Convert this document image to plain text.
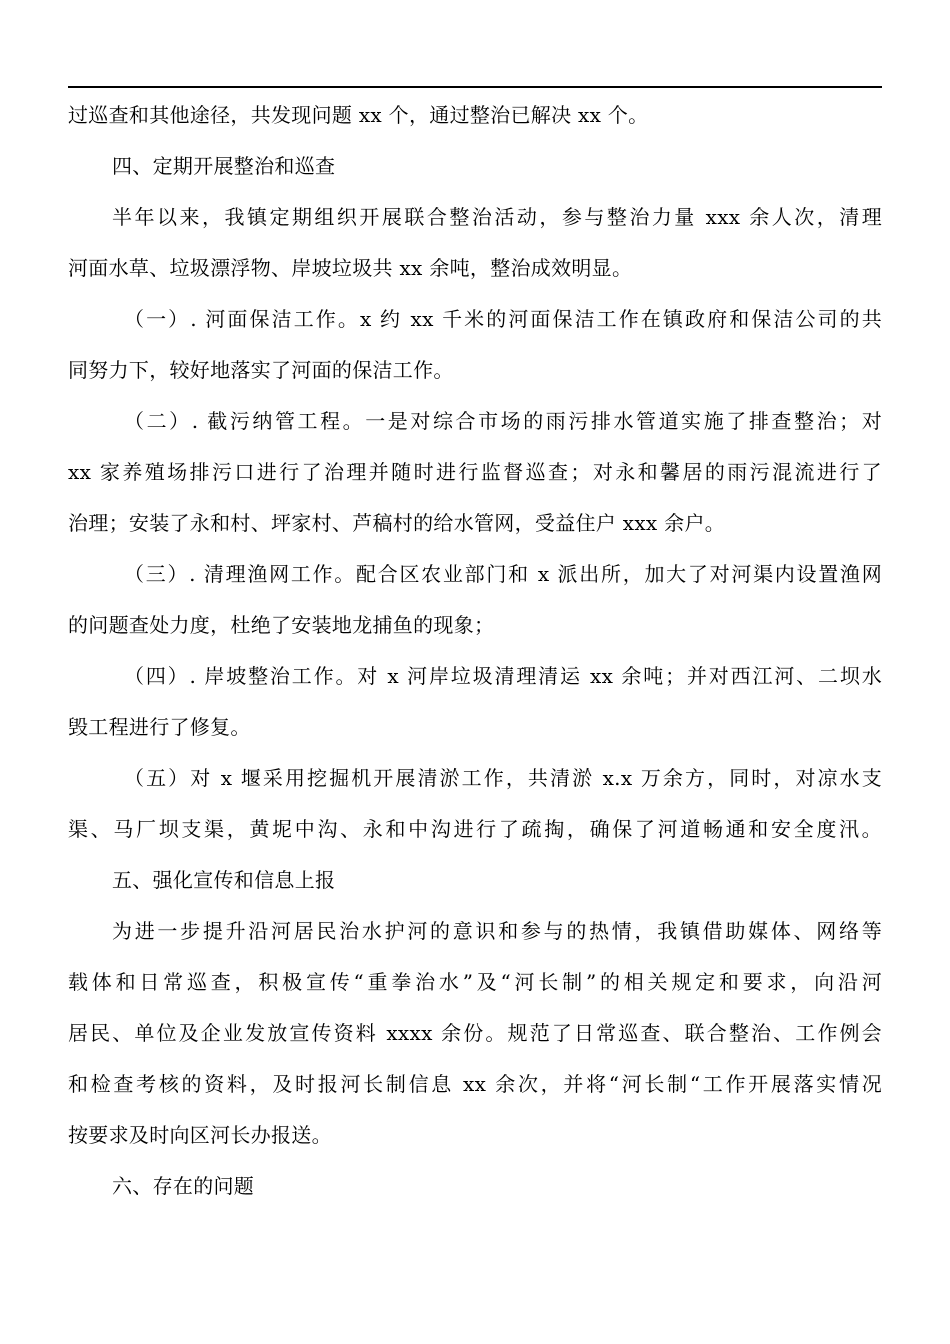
过巡查和其他途径，共发现问题 xx 个，通过整治已解决 xx 个。
四、定期开展整治和巡查
半年以来，我镇定期组织开展联合整治活动，参与整治力量 xxx 余人次，清理
河面水草、垃圾漂浮物、岸坡垃圾共 xx 余吨，整治成效明显。
（一）. 河面保洁工作。x 约 xx 千米的河面保洁工作在镇政府和保洁公司的共
同努力下，较好地落实了河面的保洁工作。
（二）. 截污纳管工程。一是对综合市场的雨污排水管道实施了排查整治；对
xx 家养殖场排污口进行了治理并随时进行监督巡查；对永和馨居的雨污混流进行了
治理；安装了永和村、坪家村、芦稿村的给水管网，受益住户 xxx 余户。
（三）. 清理渔网工作。配合区农业部门和 x 派出所，加大了对河渠内设置渔网
的问题查处力度，杜绝了安装地龙捕鱼的现象；
（四）. 岸坡整治工作。对 x 河岸垃圾清理清运 xx 余吨；并对西江河、二坝水
毁工程进行了修复。
（五）对 x 堰采用挖掘机开展清淤工作，共清淤 x.x 万余方，同时，对凉水支
渠、马厂坝支渠，黄坭中沟、永和中沟进行了疏掏，确保了河道畅通和安全度汛。
五、强化宣传和信息上报
为进一步提升沿河居民治水护河的意识和参与的热情，我镇借助媒体、网络等
载体和日常巡查，积极宣传“重拳治水”及“河长制”的相关规定和要求，向沿河
居民、单位及企业发放宣传资料 xxxx 余份。规范了日常巡查、联合整治、工作例会
和检查考核的资料，及时报河长制信息 xx 余次，并将“河长制“工作开展落实情况
按要求及时向区河长办报送。
六、存在的问题
